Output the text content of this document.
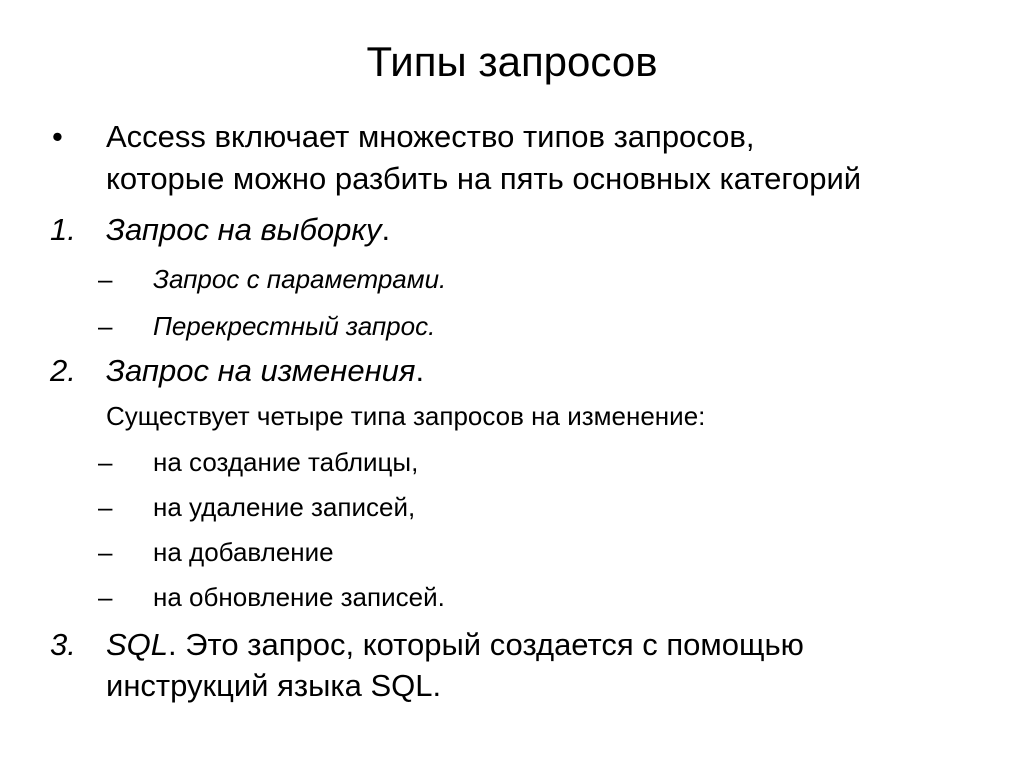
Типы запросов
• Access включает множество типов запросов,
которые можно разбить на пять основных категорий
1. Запрос на выборку.
– Запрос с параметрами.
– Перекрестный запрос.
2. Запрос на изменения.
Существует четыре типа запросов на изменение:
– на создание таблицы,
– на удаление записей,
– на добавление
– на обновление записей.
3. SQL. Это запрос, который создается с помощью
инструкций языка SQL.
